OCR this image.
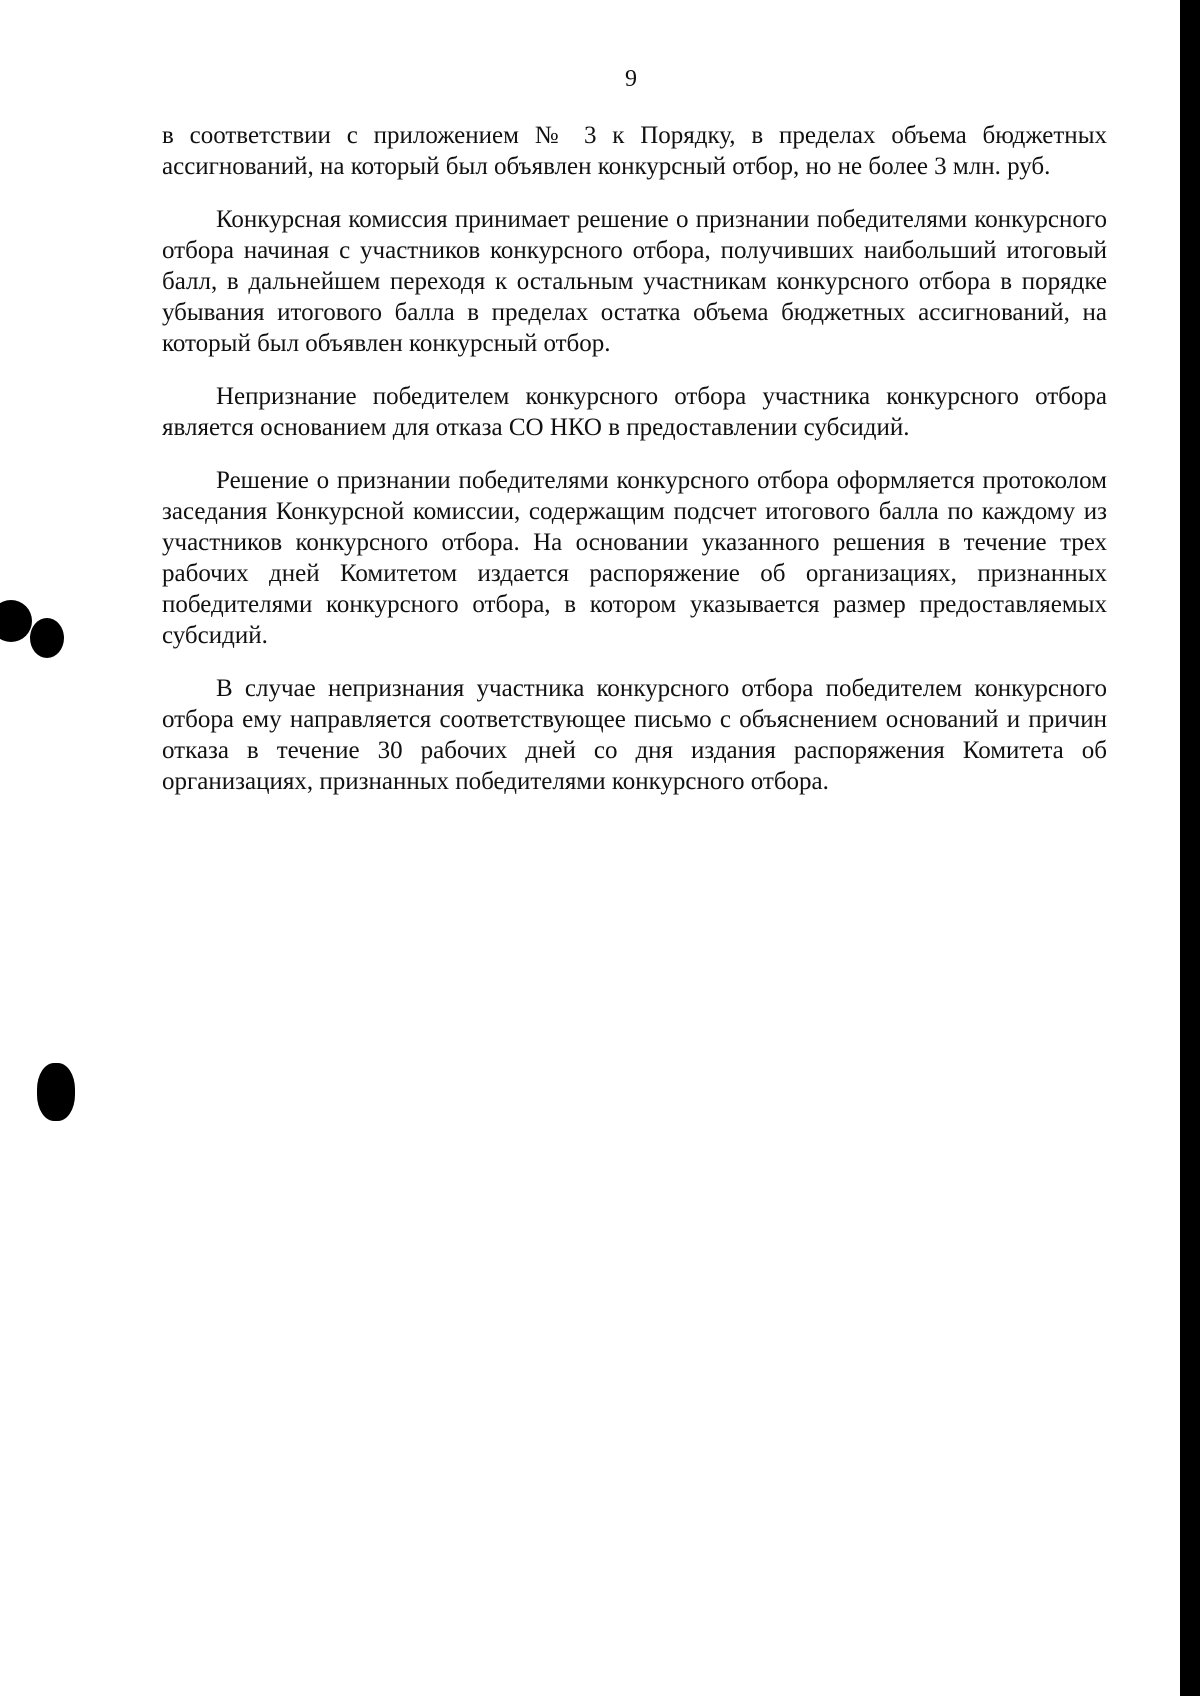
9

в соответствии с приложением № 3 к Порядку, в пределах объема бюджетных ассигнований, на который был объявлен конкурсный отбор, но не более 3 млн. руб.

Конкурсная комиссия принимает решение о признании победителями конкурсного отбора начиная с участников конкурсного отбора, получивших наибольший итоговый балл, в дальнейшем переходя к остальным участникам конкурсного отбора в порядке убывания итогового балла в пределах остатка объема бюджетных ассигнований, на который был объявлен конкурсный отбор.

Непризнание победителем конкурсного отбора участника конкурсного отбора является основанием для отказа СО НКО в предоставлении субсидий.

Решение о признании победителями конкурсного отбора оформляется протоколом заседания Конкурсной комиссии, содержащим подсчет итогового балла по каждому из участников конкурсного отбора. На основании указанного решения в течение трех рабочих дней Комитетом издается распоряжение об организациях, признанных победителями конкурсного отбора, в котором указывается размер предоставляемых субсидий.

В случае непризнания участника конкурсного отбора победителем конкурсного отбора ему направляется соответствующее письмо с объяснением оснований и причин отказа в течение 30 рабочих дней со дня издания распоряжения Комитета об организациях, признанных победителями конкурсного отбора.
